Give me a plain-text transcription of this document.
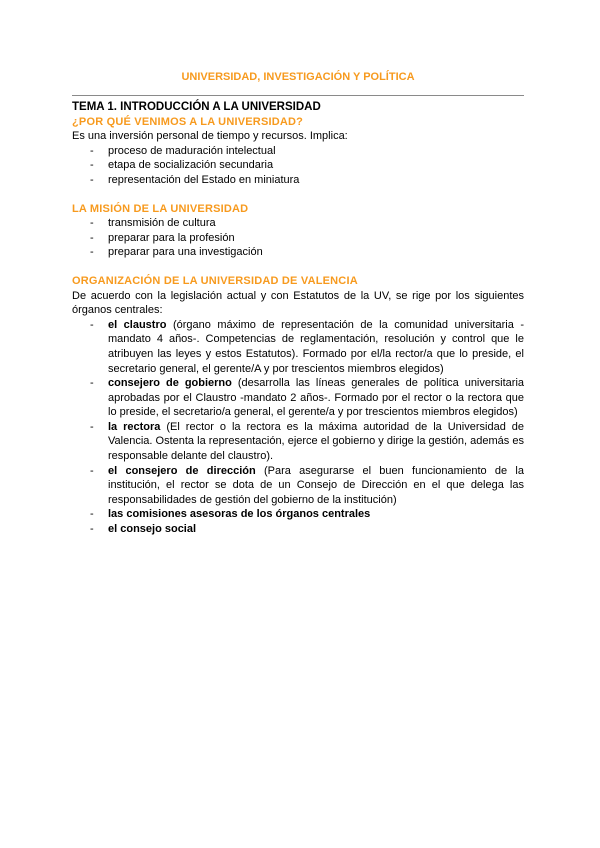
UNIVERSIDAD, INVESTIGACIÓN Y POLÍTICA
TEMA 1. INTRODUCCIÓN A LA UNIVERSIDAD
¿POR QUÉ VENIMOS A LA UNIVERSIDAD?
Es una inversión personal de tiempo y recursos. Implica:
- proceso de maduración intelectual
- etapa de socialización secundaria
- representación del Estado en miniatura
LA MISIÓN DE LA UNIVERSIDAD
- transmisión de cultura
- preparar para la profesión
- preparar para una investigación
ORGANIZACIÓN DE LA UNIVERSIDAD DE VALENCIA
De acuerdo con la legislación actual y con Estatutos de la UV, se rige por los siguientes órganos centrales:
- el claustro (órgano máximo de representación de la comunidad universitaria -mandato 4 años-. Competencias de reglamentación, resolución y control que le atribuyen las leyes y estos Estatutos). Formado por el/la rector/a que lo preside, el secretario general, el gerente/A y por trescientos miembros elegidos)
- consejero de gobierno (desarrolla las líneas generales de política universitaria aprobadas por el Claustro -mandato 2 años-. Formado por el rector o la rectora que lo preside, el secretario/a general, el gerente/a y por trescientos miembros elegidos)
- la rectora (El rector o la rectora es la máxima autoridad de la Universidad de Valencia. Ostenta la representación, ejerce el gobierno y dirige la gestión, además es responsable delante del claustro).
- el consejero de dirección (Para asegurarse el buen funcionamiento de la institución, el rector se dota de un Consejo de Dirección en el que delega las responsabilidades de gestión del gobierno de la institución)
- las comisiones asesoras de los órganos centrales
- el consejo social
